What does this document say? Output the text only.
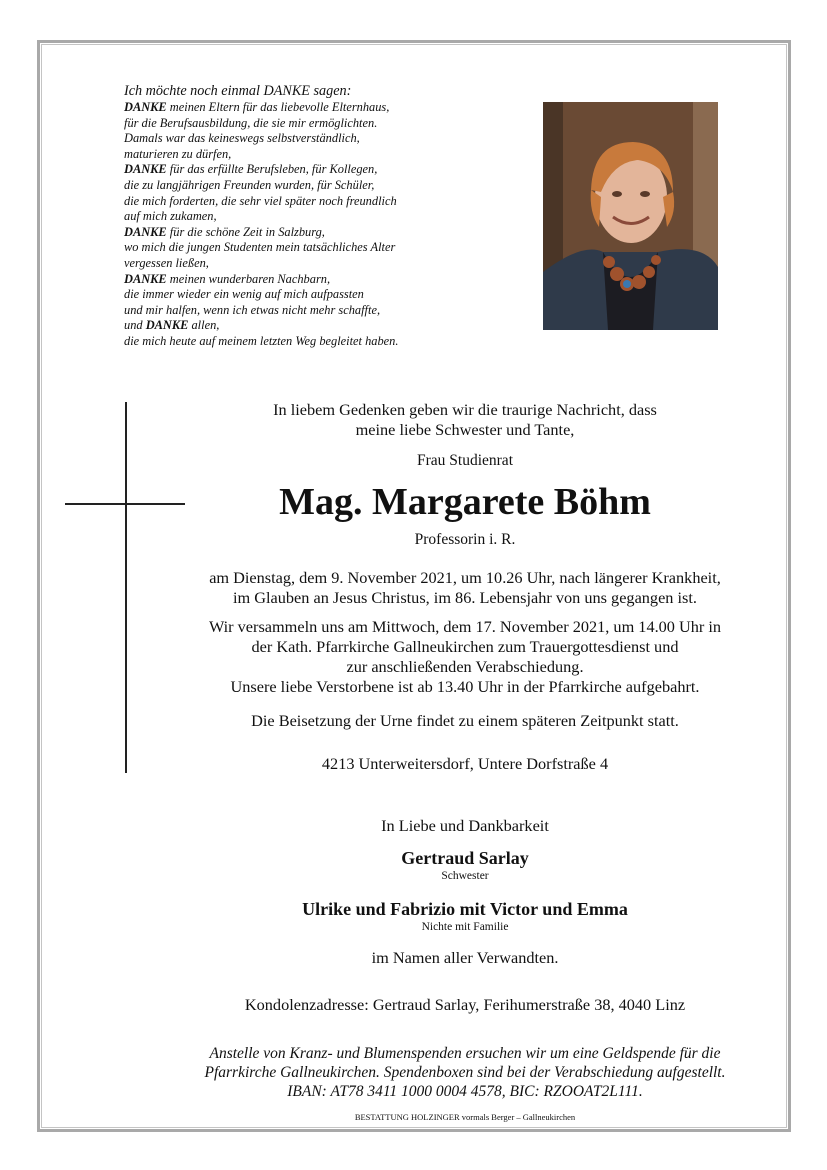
Ich möchte noch einmal DANKE sagen:
DANKE meinen Eltern für das liebevolle Elternhaus,
für die Berufsausbildung, die sie mir ermöglichten.
Damals war das keineswegs selbstverständlich,
maturieren zu dürfen,
DANKE für das erfüllte Berufsleben, für Kollegen,
die zu langjährigen Freunden wurden, für Schüler,
die mich forderten, die sehr viel später noch freundlich
auf mich zukamen,
DANKE für die schöne Zeit in Salzburg,
wo mich die jungen Studenten mein tatsächliches Alter
vergessen ließen,
DANKE meinen wunderbaren Nachbarn,
die immer wieder ein wenig auf mich aufpassten
und mir halfen, wenn ich etwas nicht mehr schaffte,
und DANKE allen,
die mich heute auf meinem letzten Weg begleitet haben.
In liebem Gedenken geben wir die traurige Nachricht, dass
meine liebe Schwester und Tante,
Frau Studienrat
Mag. Margarete Böhm
Professorin i. R.
am Dienstag, dem 9. November 2021, um 10.26 Uhr, nach längerer Krankheit,
im Glauben an Jesus Christus, im 86. Lebensjahr von uns gegangen ist.
Wir versammeln uns am Mittwoch, dem 17. November 2021, um 14.00 Uhr in
der Kath. Pfarrkirche Gallneukirchen zum Trauergottesdienst und
zur anschließenden Verabschiedung.
Unsere liebe Verstorbene ist ab 13.40 Uhr in der Pfarrkirche aufgebahrt.
Die Beisetzung der Urne findet zu einem späteren Zeitpunkt statt.
4213 Unterweitersdorf, Untere Dorfstraße 4
In Liebe und Dankbarkeit
Gertraud Sarlay
Schwester
Ulrike und Fabrizio mit Victor und Emma
Nichte mit Familie
im Namen aller Verwandten.
Kondolenzadresse: Gertraud Sarlay, Ferihumerstraße 38, 4040 Linz
Anstelle von Kranz- und Blumenspenden ersuchen wir um eine Geldspende für die
Pfarrkirche Gallneukirchen. Spendenboxen sind bei der Verabschiedung aufgestellt.
IBAN: AT78 3411 1000 0004 4578, BIC: RZOOAT2L111.
BESTATTUNG HOLZINGER vormals Berger – Gallneukirchen
